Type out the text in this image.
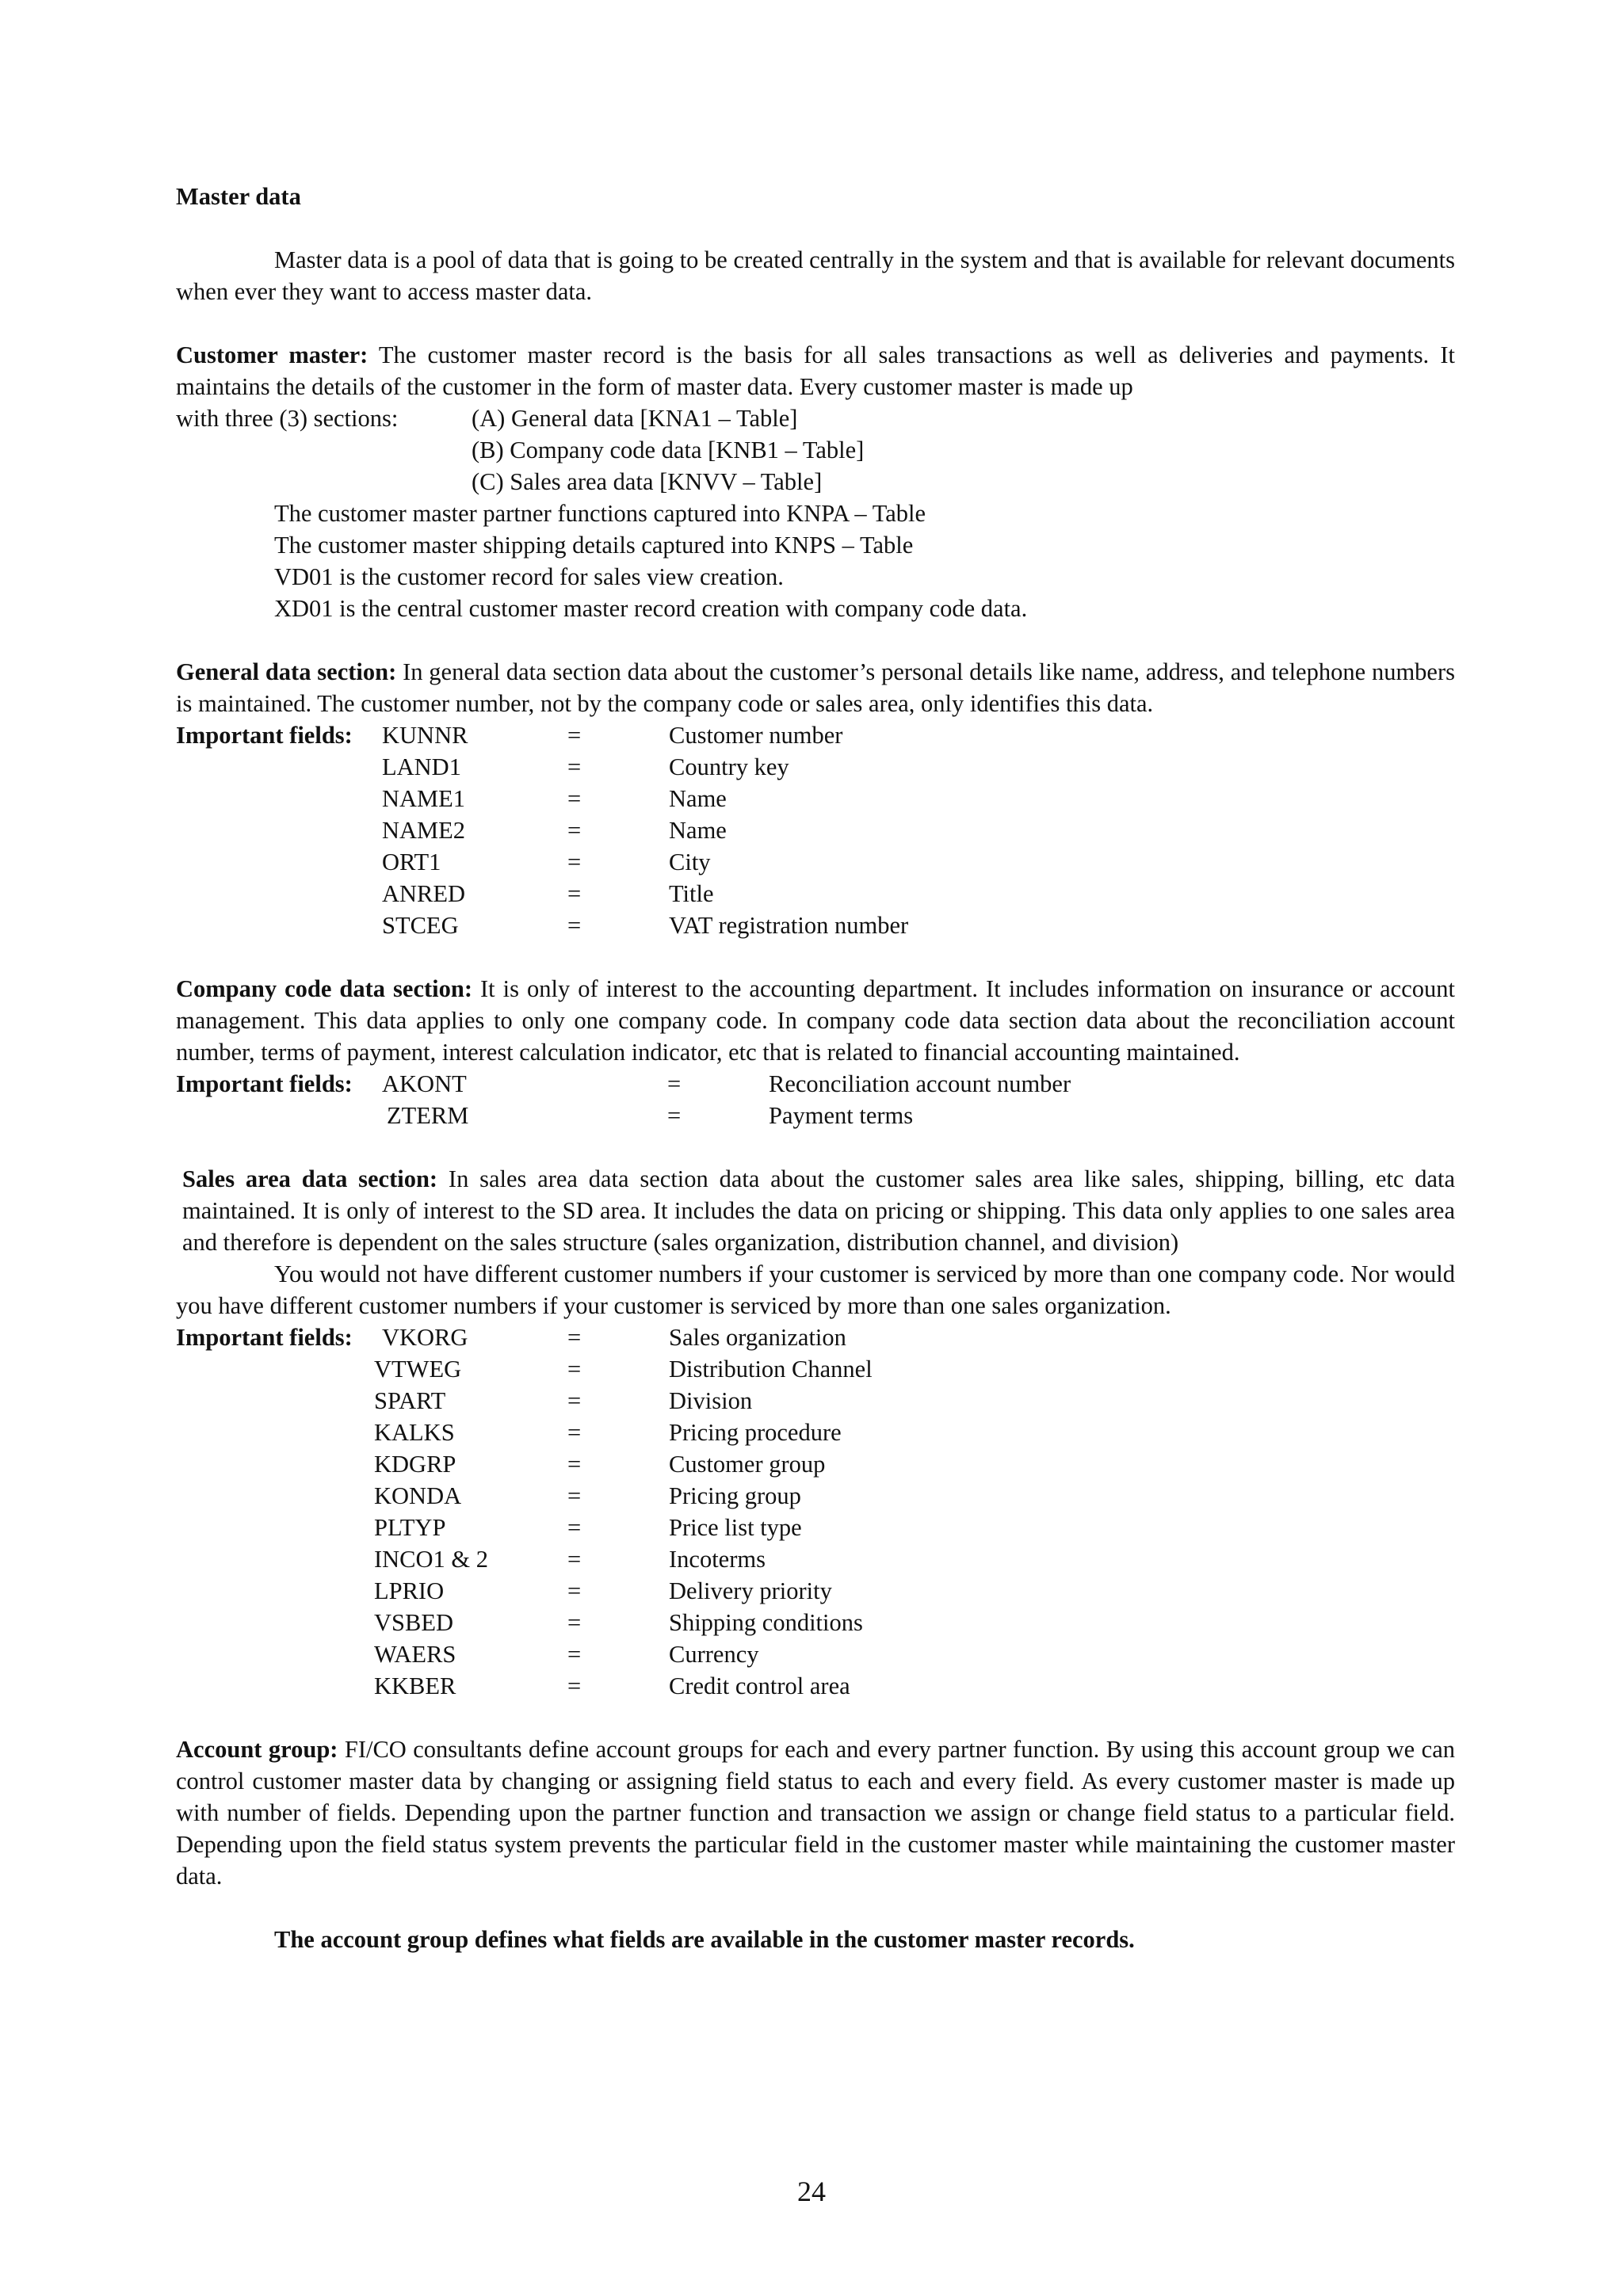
Master data

Master data is a pool of data that is going to be created centrally in the system and that is available for relevant documents when ever they want to access master data.

Customer master: The customer master record is the basis for all sales transactions as well as deliveries and payments. It maintains the details of the customer in the form of master data. Every customer master is made up

with three (3) sections:	(A) General data [KNA1 – Table]
(B) Company code data [KNB1 – Table]
(C) Sales area data [KNVV – Table]

The customer master partner functions captured into KNPA – Table

The customer master shipping details captured into KNPS – Table

VD01 is the customer record for sales view creation.

XD01 is the central customer master record creation with company code data.

General data section: In general data section data about the customer’s personal details like name, address, and telephone numbers is maintained. The customer number, not by the company code or sales area, only identifies this data.

Important fields: KUNNR	=	Customer number
LAND1	=	Country key
NAME1	=	Name
NAME2	=	Name
ORT1	=	City
ANRED	=	Title
STCEG	=	VAT registration number

Company code data section: It is only of interest to the accounting department. It includes information on insurance or account management. This data applies to only one company code. In company code data section data about the reconciliation account number, terms of payment, interest calculation indicator, etc that is related to financial accounting maintained.

Important fields: AKONT	=	Reconciliation account number
ZTERM	=	Payment terms

Sales area data section: In sales area data section data about the customer sales area like sales, shipping, billing, etc data maintained. It is only of interest to the SD area. It includes the data on pricing or shipping. This data only applies to one sales area and therefore is dependent on the sales structure (sales organization, distribution channel, and division)

You would not have different customer numbers if your customer is serviced by more than one company code. Nor would you have different customer numbers if your customer is serviced by more than one sales organization.

Important fields: VKORG	=	Sales organization
VTWEG	=	Distribution Channel
SPART	=	Division
KALKS	=	Pricing procedure
KDGRP	=	Customer group
KONDA	=	Pricing group
PLTYP	=	Price list type
INCO1 & 2	=	Incoterms
LPRIO	=	Delivery priority
VSBED	=	Shipping conditions
WAERS	=	Currency
KKBER	=	Credit control area

Account group: FI/CO consultants define account groups for each and every partner function. By using this account group we can control customer master data by changing or assigning field status to each and every field. As every customer master is made up with number of fields. Depending upon the partner function and transaction we assign or change field status to a particular field. Depending upon the field status system prevents the particular field in the customer master while maintaining the customer master data.

The account group defines what fields are available in the customer master records.

24
